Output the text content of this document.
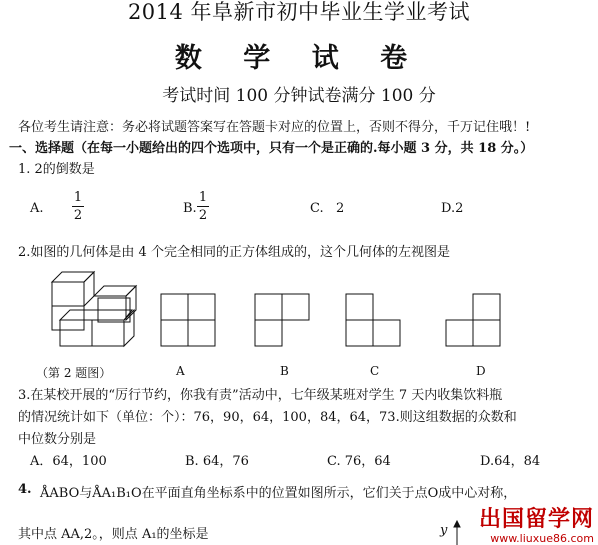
2014 年阜新市初中毕业生学业考试
数 学 试 卷
考试时间 100 分钟试卷满分 100 分
各位考生请注意：务必将试题答案写在答题卡对应的位置上，否则不得分，千万记住哦！!
一、选择题（在每一小题给出的四个选项中，只有一个是正确的.每小题 3 分，共 18 分。）
1. 2的倒数是
A.
1
2	B.
1
2	C. 2	D.2
2.如图的几何体是由 4 个完全相同的正方体组成的，这个几何体的左视图是
（第 2 题图）	A	B	C	D
3.在某校开展的“厉行节约，你我有责”活动中，七年级某班对学生 7 天内收集饮料瓶
的情况统计如下（单位：个）：76，90，64，100，84，64，73.则这组数据的众数和
中位数分别是
A．64，100	B. 64，76	C. 76，64	D.64，84
4. ÅABO与ÅA₁B₁O在平面直角坐标系中的位置如图所示，它们关于点O成中心对称，
其中点 AA,2。，则点 A₁的坐标是	y 出国留学网
www.liuxue86.com
